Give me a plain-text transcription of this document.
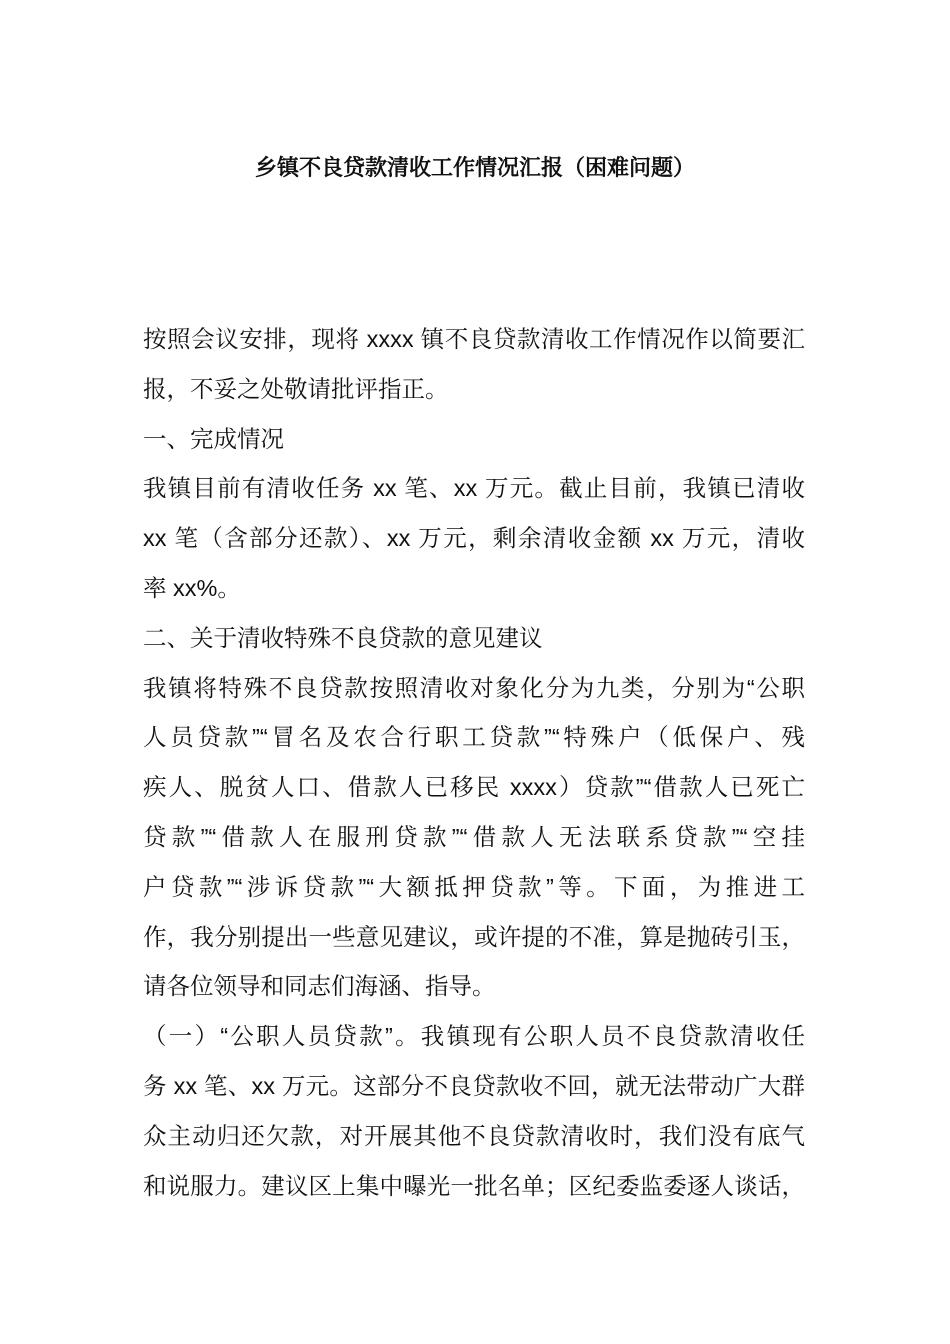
乡镇不良贷款清收工作情况汇报（困难问题）
按照会议安排，现将 xxxx 镇不良贷款清收工作情况作以简要汇
报，不妥之处敬请批评指正。
一、完成情况
我镇目前有清收任务 xx 笔、xx 万元。截止目前，我镇已清收
xx 笔（含部分还款）、xx 万元，剩余清收金额 xx 万元，清收
率 xx%。
二、关于清收特殊不良贷款的意见建议
我镇将特殊不良贷款按照清收对象化分为九类，分别为“公职
人员贷款”“冒名及农合行职工贷款”“特殊户（低保户、残
疾人、脱贫人口、借款人已移民 xxxx）贷款”“借款人已死亡
贷款”“借款人在服刑贷款”“借款人无法联系贷款”“空挂
户贷款”“涉诉贷款”“大额抵押贷款”等。下面，为推进工
作，我分别提出一些意见建议，或许提的不准，算是抛砖引玉，
请各位领导和同志们海涵、指导。
（一）“公职人员贷款”。我镇现有公职人员不良贷款清收任
务 xx 笔、xx 万元。这部分不良贷款收不回，就无法带动广大群
众主动归还欠款，对开展其他不良贷款清收时，我们没有底气
和说服力。建议区上集中曝光一批名单；区纪委监委逐人谈话，
